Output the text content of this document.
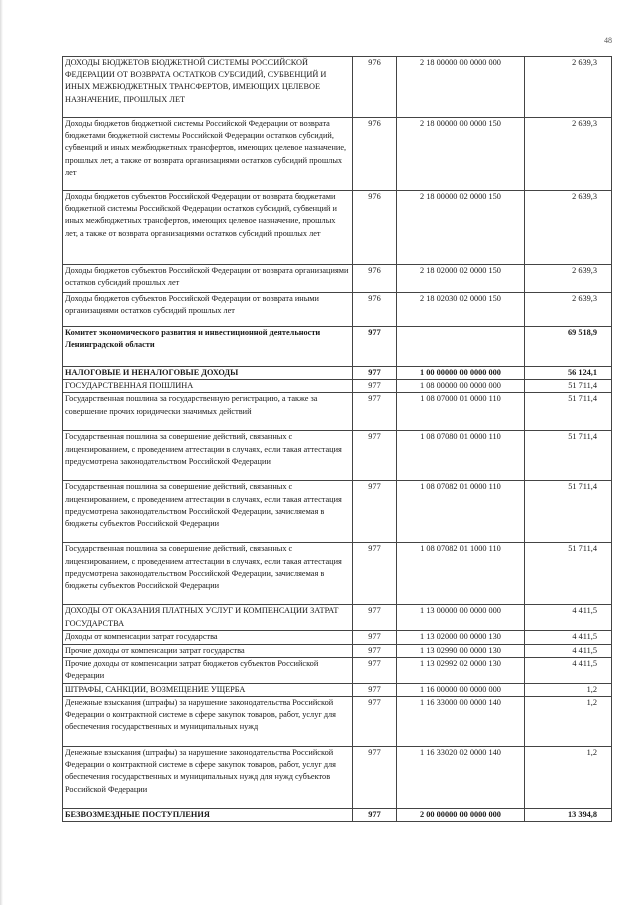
48
ДОХОДЫ БЮДЖЕТОВ БЮДЖЕТНОЙ СИСТЕМЫ РОССИЙСКОЙ ФЕДЕРАЦИИ ОТ ВОЗВРАТА ОСТАТКОВ СУБСИДИЙ, СУБВЕНЦИЙ И ИНЫХ МЕЖБЮДЖЕТНЫХ ТРАНСФЕРТОВ, ИМЕЮЩИХ ЦЕЛЕВОЕ НАЗНАЧЕНИЕ, ПРОШЛЫХ ЛЕТ	976	2 18 00000 00 0000 000	2 639,3
Доходы бюджетов бюджетной системы Российской Федерации от возврата бюджетами бюджетной системы Российской Федерации остатков субсидий, субвенций и иных межбюджетных трансфертов, имеющих целевое назначение, прошлых лет, а также от возврата организациями остатков субсидий прошлых лет	976	2 18 00000 00 0000 150	2 639,3
Доходы бюджетов субъектов Российской Федерации от возврата бюджетами бюджетной системы Российской Федерации остатков субсидий, субвенций и иных межбюджетных трансфертов, имеющих целевое назначение, прошлых лет, а также от возврата организациями остатков субсидий прошлых лет	976	2 18 00000 02 0000 150	2 639,3
Доходы бюджетов субъектов Российской Федерации от возврата организациями остатков субсидий прошлых лет	976	2 18 02000 02 0000 150	2 639,3
Доходы бюджетов субъектов Российской Федерации от возврата иными организациями остатков субсидий прошлых лет	976	2 18 02030 02 0000 150	2 639,3
Комитет экономического развития и инвестиционной деятельности Ленинградской области	977		69 518,9
НАЛОГОВЫЕ И НЕНАЛОГОВЫЕ ДОХОДЫ	977	1 00 00000 00 0000 000	56 124,1
ГОСУДАРСТВЕННАЯ ПОШЛИНА	977	1 08 00000 00 0000 000	51 711,4
Государственная пошлина за государственную регистрацию, а также за совершение прочих юридически значимых действий	977	1 08 07000 01 0000 110	51 711,4
Государственная пошлина за совершение действий, связанных с лицензированием, с проведением аттестации в случаях, если такая аттестация предусмотрена законодательством Российской Федерации	977	1 08 07080 01 0000 110	51 711,4
Государственная пошлина за совершение действий, связанных с лицензированием, с проведением аттестации в случаях, если такая аттестация предусмотрена законодательством Российской Федерации, зачисляемая в бюджеты субъектов Российской Федерации	977	1 08 07082 01 0000 110	51 711,4
Государственная пошлина за совершение действий, связанных с лицензированием, с проведением аттестации в случаях, если такая аттестация предусмотрена законодательством Российской Федерации, зачисляемая в бюджеты субъектов Российской Федерации	977	1 08 07082 01 1000 110	51 711,4
ДОХОДЫ ОТ ОКАЗАНИЯ ПЛАТНЫХ УСЛУГ И КОМПЕНСАЦИИ ЗАТРАТ ГОСУДАРСТВА	977	1 13 00000 00 0000 000	4 411,5
Доходы от компенсации затрат государства	977	1 13 02000 00 0000 130	4 411,5
Прочие доходы от компенсации затрат государства	977	1 13 02990 00 0000 130	4 411,5
Прочие доходы от компенсации затрат бюджетов субъектов Российской Федерации	977	1 13 02992 02 0000 130	4 411,5
ШТРАФЫ, САНКЦИИ, ВОЗМЕЩЕНИЕ УЩЕРБА	977	1 16 00000 00 0000 000	1,2
Денежные взыскания (штрафы) за нарушение законодательства Российской Федерации о контрактной системе в сфере закупок товаров, работ, услуг для обеспечения государственных и муниципальных нужд	977	1 16 33000 00 0000 140	1,2
Денежные взыскания (штрафы) за нарушение законодательства Российской Федерации о контрактной системе в сфере закупок товаров, работ, услуг для обеспечения государственных и муниципальных нужд для нужд субъектов Российской Федерации	977	1 16 33020 02 0000 140	1,2
БЕЗВОЗМЕЗДНЫЕ ПОСТУПЛЕНИЯ	977	2 00 00000 00 0000 000	13 394,8
